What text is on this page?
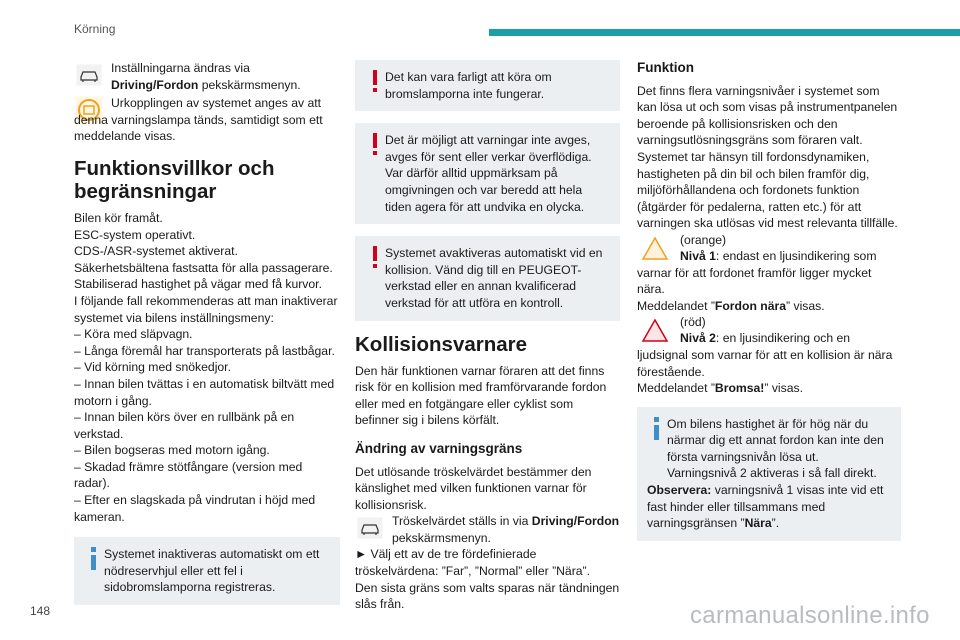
Körning

Inställningarna ändras via Driving/Fordon pekskärmsmenyn.

Urkopplingen av systemet anges av att denna varningslampa tänds, samtidigt som ett meddelande visas.

Funktionsvillkor och begränsningar

Bilen kör framåt.

ESC-system operativt.

CDS-/ASR-systemet aktiverat.

Säkerhetsbältena fastsatta för alla passagerare.

Stabiliserad hastighet på vägar med få kurvor.

I följande fall rekommenderas att man inaktiverar systemet via bilens inställningsmeny:

– Köra med släpvagn.

– Långa föremål har transporterats på lastbågar.

– Vid körning med snökedjor.

– Innan bilen tvättas i en automatisk biltvätt med motorn i gång.

– Innan bilen körs över en rullbänk på en verkstad.

– Bilen bogseras med motorn igång.

– Skadad främre stötfångare (version med radar).

– Efter en slagskada på vindrutan i höjd med kameran.

Systemet inaktiveras automatiskt om ett nödreservhjul eller ett fel i sidobromslamporna registreras.

Det kan vara farligt att köra om bromslamporna inte fungerar.

Det är möjligt att varningar inte avges, avges för sent eller verkar överflödiga. Var därför alltid uppmärksam på omgivningen och var beredd att hela tiden agera för att undvika en olycka.

Systemet avaktiveras automatiskt vid en kollision. Vänd dig till en PEUGEOT-verkstad eller en annan kvalificerad verkstad för att utföra en kontroll.

Kollisionsvarnare

Den här funktionen varnar föraren att det finns risk för en kollision med framförvarande fordon eller med en fotgängare eller cyklist som befinner sig i bilens körfält.

Ändring av varningsgräns

Det utlösande tröskelvärdet bestämmer den känslighet med vilken funktionen varnar för kollisionsrisk.

Tröskelvärdet ställs in via Driving/Fordon pekskärmsmenyn.

► Välj ett av de tre fördefinierade tröskelvärdena: ”Far”, ”Normal” eller ”Nära”.

Den sista gräns som valts sparas när tändningen slås från.

Funktion

Det finns flera varningsnivåer i systemet som kan lösa ut och som visas på instrumentpanelen beroende på kollisionsrisken och den varningsutlösningsgräns som föraren valt. Systemet tar hänsyn till fordonsdynamiken, hastigheten på din bil och bilen framför dig, miljöförhållandena och fordonets funktion (åtgärder för pedalerna, ratten etc.) för att varningen ska utlösas vid mest relevanta tillfälle.

(orange)

Nivå 1: endast en ljusindikering som varnar för att fordonet framför ligger mycket nära.

Meddelandet ”Fordon nära” visas.

(röd)

Nivå 2: en ljusindikering och en ljudsignal som varnar för att en kollision är nära förestående.

Meddelandet ”Bromsa!” visas.

Om bilens hastighet är för hög när du närmar dig ett annat fordon kan inte den första varningsnivån lösa ut. Varningsnivå 2 aktiveras i så fall direkt.

Observera: varningsnivå 1 visas inte vid ett fast hinder eller tillsammans med varningsgränsen ”Nära”.

148	carmanualsonline.info
